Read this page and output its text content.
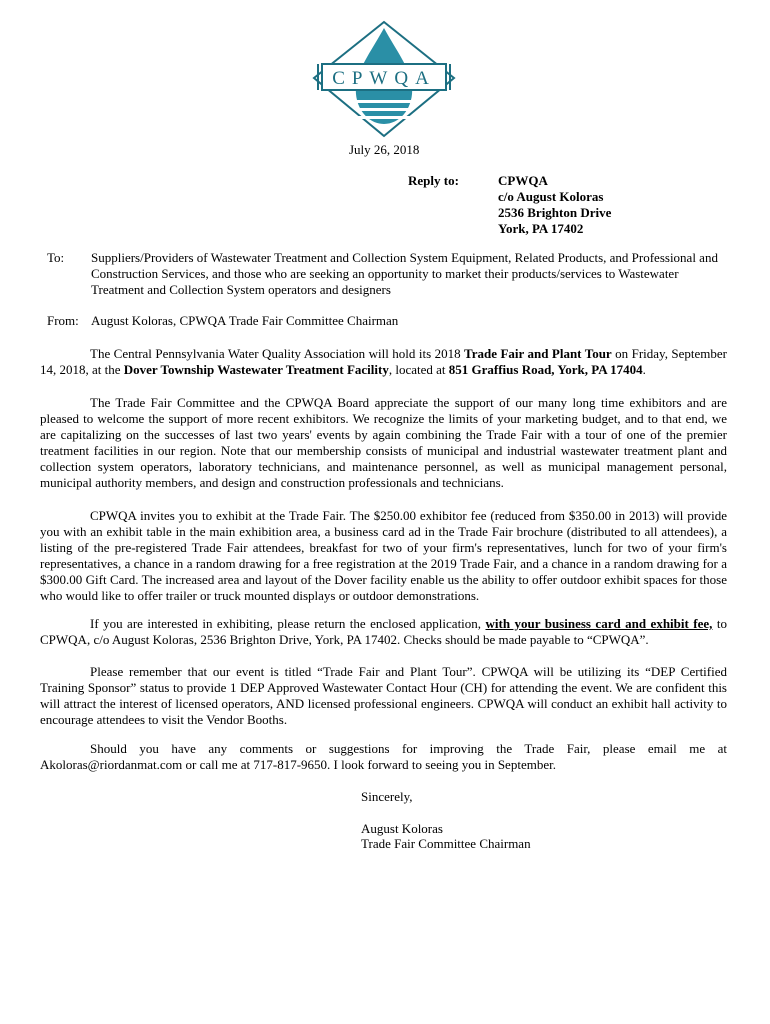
CPWQA
July 26, 2018
Reply to:	CPWQA
c/o August Koloras
2536 Brighton Drive
York, PA 17402
To: Suppliers/Providers of Wastewater Treatment and Collection System Equipment, Related Products, and Professional and Construction Services, and those who are seeking an opportunity to market their products/services to Wastewater Treatment and Collection System operators and designers
From: August Koloras, CPWQA Trade Fair Committee Chairman
The Central Pennsylvania Water Quality Association will hold its 2018 Trade Fair and Plant Tour on Friday, September 14, 2018, at the Dover Township Wastewater Treatment Facility, located at 851 Graffius Road, York, PA 17404.
The Trade Fair Committee and the CPWQA Board appreciate the support of our many long time exhibitors and are pleased to welcome the support of more recent exhibitors. We recognize the limits of your marketing budget, and to that end, we are capitalizing on the successes of last two years' events by again combining the Trade Fair with a tour of one of the premier treatment facilities in our region. Note that our membership consists of municipal and industrial wastewater treatment plant and collection system operators, laboratory technicians, and maintenance personnel, as well as municipal management personal, municipal authority members, and design and construction professionals and technicians.
CPWQA invites you to exhibit at the Trade Fair. The $250.00 exhibitor fee (reduced from $350.00 in 2013) will provide you with an exhibit table in the main exhibition area, a business card ad in the Trade Fair brochure (distributed to all attendees), a listing of the pre-registered Trade Fair attendees, breakfast for two of your firm's representatives, lunch for two of your firm's representatives, a chance in a random drawing for a free registration at the 2019 Trade Fair, and a chance in a random drawing for a $300.00 Gift Card. The increased area and layout of the Dover facility enable us the ability to offer outdoor exhibit spaces for those who would like to offer trailer or truck mounted displays or outdoor demonstrations.
If you are interested in exhibiting, please return the enclosed application, with your business card and exhibit fee, to CPWQA, c/o August Koloras, 2536 Brighton Drive, York, PA 17402. Checks should be made payable to “CPWQA”.
Please remember that our event is titled “Trade Fair and Plant Tour”. CPWQA will be utilizing its “DEP Certified Training Sponsor” status to provide 1 DEP Approved Wastewater Contact Hour (CH) for attending the event. We are confident this will attract the interest of licensed operators, AND licensed professional engineers. CPWQA will conduct an exhibit hall activity to encourage attendees to visit the Vendor Booths.
Should you have any comments or suggestions for improving the Trade Fair, please email me at Akoloras@riordanmat.com or call me at 717-817-9650. I look forward to seeing you in September.
Sincerely,
August Koloras
Trade Fair Committee Chairman
